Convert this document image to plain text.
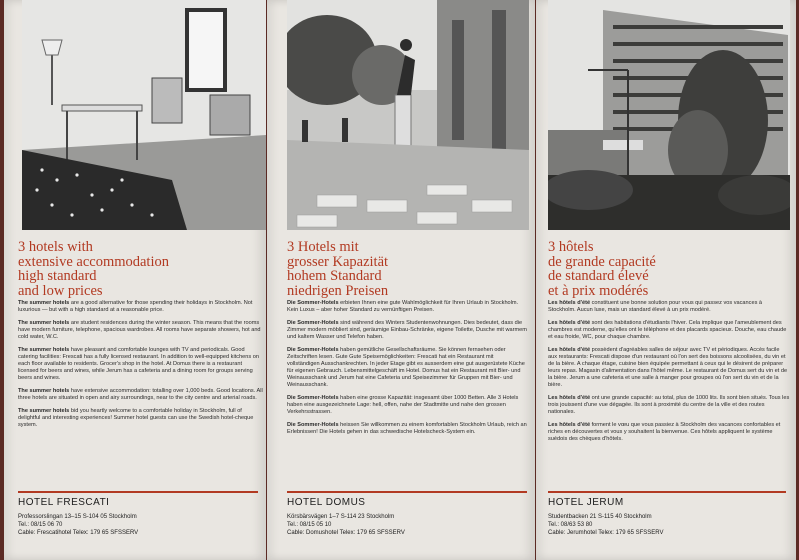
3 hotels with
extensive accommodation
high standard
and low prices

The summer hotels are a good alternative for those spending their holidays in Stockholm. Not luxurious — but with a high standard at a reasonable price.

The summer hotels are student residences during the winter season. This means that the rooms have modern furniture, telephone, spacious wardrobes. All rooms have separate showers, hot and cold water, W.C.

The summer hotels have pleasant and comfortable lounges with TV and periodicals. Good catering facilities: Frescati has a fully licensed restaurant. In addition to well-equipped kitchens on each floor available to residents. Grocer's shop in the hotel. At Domus there is a restaurant licensed for beers and wines, while Jerum has a cafeteria and a dining room for groups serving beers and wines.

The summer hotels have extensive accommodation: totalling over 1,000 beds. Good locations. All three hotels are situated in open and airy surroundings, near to the city centre and arterial roads.

The summer hotels bid you heartly welcome to a comfortable holiday in Stockholm, full of delightful and interesting experiences! Summer hotel guests can use the Swedish hotel-cheque system.

HOTEL FRESCATI
Professorslingan 13–15 S-104 05 Stockholm
Tel.: 08/15 06 70
Cable: Frescatihotel Telex: 179 65 SFSSERV
3 Hotels mit
grosser Kapazität
hohem Standard
niedrigen Preisen

Die Sommer-Hotels erbieten Ihnen eine gute Wahlmöglichkeit für Ihren Urlaub in Stockholm. Kein Luxus – aber hoher Standard zu vernünftigen Preisen.

Die Sommer-Hotels sind während des Winters Studentenwohnungen. Dies bedeutet, dass die Zimmer modern möbliert sind, geräumige Einbau-Schränke, eigene Toilette, Dusche mit warmem und kaltem Wasser und Telefon haben.

Die Sommer-Hotels haben gemütliche Gesellschaftsräume. Sie können fernsehen oder Zeitschriften lesen. Gute Gute Speisemöglichkeiten: Frescati hat ein Restaurant mit vollständigen Ausschankrechten. In jeder Etage gibt es ausserdem eine gut ausgerüstete Küche für eigenen Gebrauch. Lebensmittelgeschäft im Hotel. Domus hat ein Restaurant mit Bier- und Weinausschank und Jerum hat eine Cafeteria und Speisezimmer für Gruppen mit Bier- und Weinausschank.

Die Sommer-Hotels haben eine grosse Kapazität: insgesamt über 1000 Betten. Alle 3 Hotels haben eine ausgezeichnete Lage: hell, offen, nahe der Stadtmitte und nahe den grossen Verkehrsstrassen.

Die Sommer-Hotels heissen Sie willkommen zu einem komfortablen Stockholm Urlaub, reich an Erlebnissen! Die Hotels gehen in das schwedische Hotelscheck-System ein.

HOTEL DOMUS
Körsbärsvägen 1–7 S-114 23 Stockholm
Tel.: 08/15 05 10
Cable: Domushotel Telex: 179 65 SFSSERV
3 hôtels
de grande capacité
de standard élevé
et à prix modérés

Les hôtels d'été constituent une bonne solution pour vous qui passez vos vacances à Stockholm. Aucun luxe, mais un standard élevé à un prix modéré.

Les hôtels d'été sont des habitations d'étudiants l'hiver. Cela implique que l'ameublement des chambres est moderne, qu'elles ont le téléphone et des placards spacieux. Douche, eau chaude et eau froide, WC, pour chaque chambre.

Les hôtels d'été possèdent d'agréables salles de séjour avec TV et périodiques. Accès facile aux restaurants: Frescati dispose d'un restaurant où l'on sert des boissons alcoolisées, du vin et de la bière. A chaque étage, cuisine bien équipée permettant à ceux qui le désirent de préparer leurs repas. Magasin d'alimentation dans l'hôtel même. Le restaurant de Domus sert du vin et de la bière. Jerum a une cafeteria et une salle à manger pour groupes où l'on sert du vin et de la bière.

Les hôtels d'été ont une grande capacité: au total, plus de 1000 lits. Ils sont bien situés. Tous les trois jouissent d'une vue dégagée. Ils sont à proximité du centre de la ville et des routes nationales.

Les hôtels d'été forment le vœu que vous passiez à Stockholm des vacances confortables et riches en découvertes et vous y souhaitent la bienvenue. Ces hôtels appliquent le système suédois des chèques d'hôtels.

HOTEL JERUM
Studentbacken 21 S-115 40 Stockholm
Tel.: 08/63 53 80
Cable: Jerumhotel Telex: 179 65 SFSSERV
